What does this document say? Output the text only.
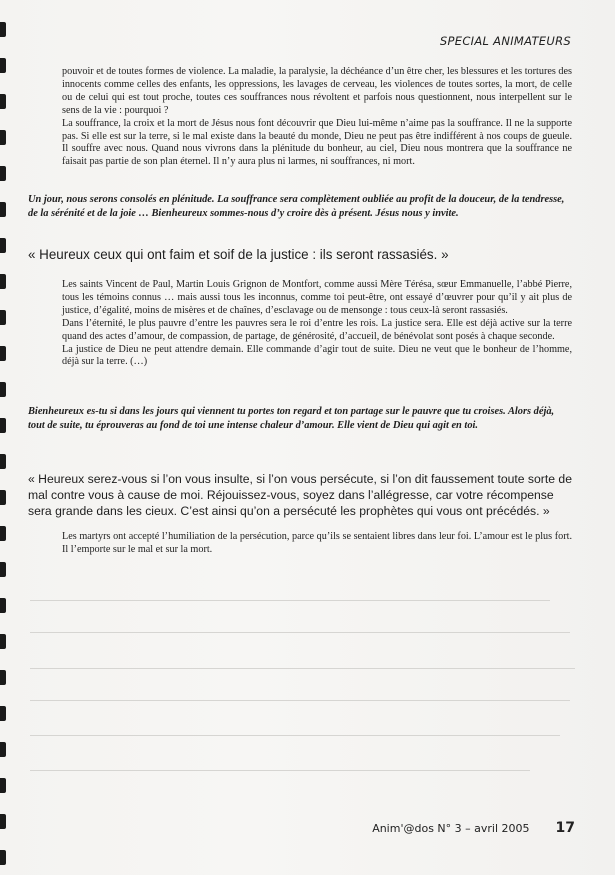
SPECIAL ANIMATEURS

pouvoir et de toutes formes de violence. La maladie, la paralysie, la déchéance d’un être cher, les blessures et les tortures des innocents comme celles des enfants, les oppressions, les lavages de cerveau, les violences de toutes sortes, la mort, de celle ou de celui qui est tout proche, toutes ces souffrances nous révoltent et parfois nous questionnent, nous interpellent sur le sens de la vie : pourquoi ?

La souffrance, la croix et la mort de Jésus nous font découvrir que Dieu lui-même n’aime pas la souffrance. Il ne la supporte pas. Si elle est sur la terre, si le mal existe dans la beauté du monde, Dieu ne peut pas être indifférent à nos coups de gueule. Il souffre avec nous. Quand nous vivrons dans la plénitude du bonheur, au ciel, Dieu nous montrera que la souffrance ne faisait pas partie de son plan éternel. Il n’y aura plus ni larmes, ni souffrances, ni mort.

Un jour, nous serons consolés en plénitude. La souffrance sera complètement oubliée au profit de la douceur, de la tendresse, de la sérénité et de la joie … Bienheureux sommes-nous d’y croire dès à présent. Jésus nous y invite.
« Heureux ceux qui ont faim et soif de la justice : ils seront rassasiés. »

Les saints Vincent de Paul, Martin Louis Grignon de Montfort, comme aussi Mère Térésa, sœur Emmanuelle, l’abbé Pierre, tous les témoins connus … mais aussi tous les inconnus, comme toi peut-être, ont essayé d’œuvrer pour qu’il y ait plus de justice, d’égalité, moins de misères et de chaînes, d’esclavage ou de mensonge : tous ceux-là seront rassasiés.

Dans l’éternité, le plus pauvre d’entre les pauvres sera le roi d’entre les rois. La justice sera. Elle est déjà active sur la terre quand des actes d’amour, de compassion, de partage, de générosité, d’accueil, de bénévolat sont posés à chaque seconde.

La justice de Dieu ne peut attendre demain. Elle commande d’agir tout de suite. Dieu ne veut que le bonheur de l’homme, déjà sur la terre. (…)

Bienheureux es-tu si dans les jours qui viennent tu portes ton regard et ton partage sur le pauvre que tu croises. Alors déjà, tout de suite, tu éprouveras au fond de toi une intense chaleur d’amour. Elle vient de Dieu qui agit en toi.
« Heureux serez-vous si l’on vous insulte, si l’on vous persécute, si l’on dit faussement toute sorte de mal contre vous à cause de moi. Réjouissez-vous, soyez dans l’allégresse, car votre récompense sera grande dans les cieux. C’est ainsi qu’on a persécuté les prophètes qui vous ont précédés. »

Les martyrs ont accepté l’humiliation de la persécution, parce qu’ils se sentaient libres dans leur foi. L’amour est le plus fort. Il l’emporte sur le mal et sur la mort.

Anim'@dos N° 3 – avril 2005 17
